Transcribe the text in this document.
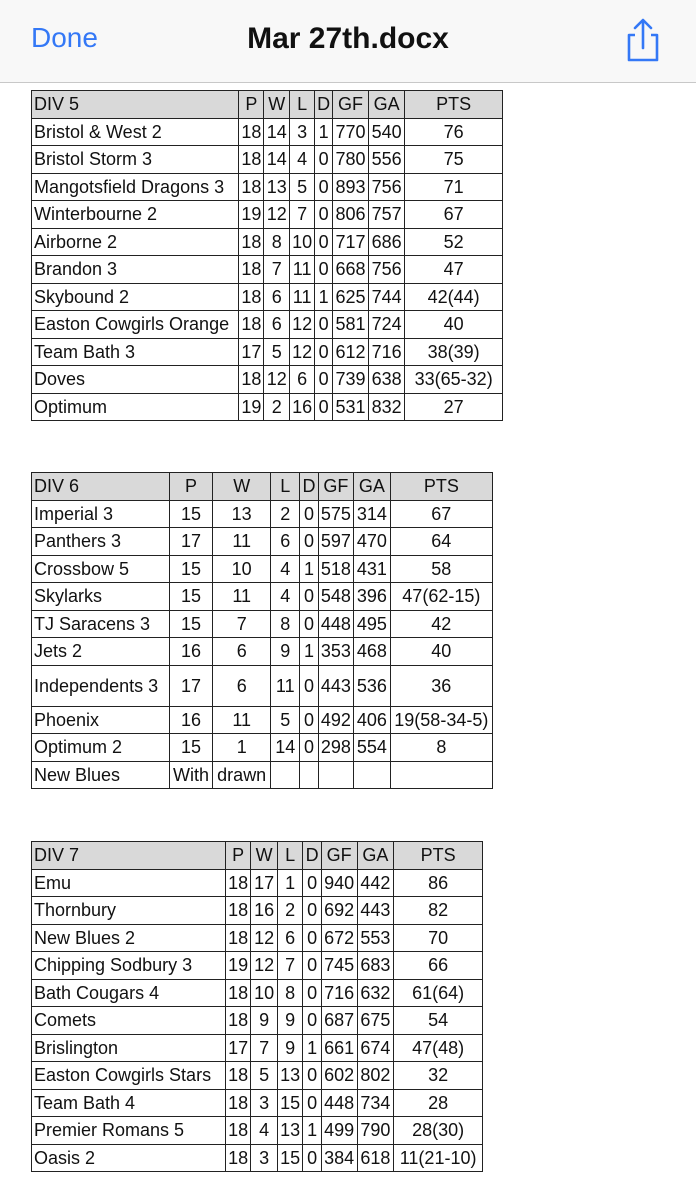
Done	Mar 27th.docx
DIV 5	P	W	L	D	GF	GA	PTS
Bristol & West 2	18	14	3	1	770	540	76
Bristol Storm 3	18	14	4	0	780	556	75
Mangotsfield Dragons 3	18	13	5	0	893	756	71
Winterbourne 2	19	12	7	0	806	757	67
Airborne 2	18	8	10	0	717	686	52
Brandon 3	18	7	11	0	668	756	47
Skybound 2	18	6	11	1	625	744	42(44)
Easton Cowgirls Orange	18	6	12	0	581	724	40
Team Bath 3	17	5	12	0	612	716	38(39)
Doves	18	12	6	0	739	638	33(65-32)
Optimum	19	2	16	0	531	832	27
DIV 6	P	W	L	D	GF	GA	PTS
Imperial 3	15	13	2	0	575	314	67
Panthers 3	17	11	6	0	597	470	64
Crossbow 5	15	10	4	1	518	431	58
Skylarks	15	11	4	0	548	396	47(62-15)
TJ Saracens 3	15	7	8	0	448	495	42
Jets 2	16	6	9	1	353	468	40
Independents 3	17	6	11	0	443	536	36
Phoenix	16	11	5	0	492	406	19(58-34-5)
Optimum 2	15	1	14	0	298	554	8
New Blues	With	drawn					
DIV 7	P	W	L	D	GF	GA	PTS
Emu	18	17	1	0	940	442	86
Thornbury	18	16	2	0	692	443	82
New Blues 2	18	12	6	0	672	553	70
Chipping Sodbury 3	19	12	7	0	745	683	66
Bath Cougars 4	18	10	8	0	716	632	61(64)
Comets	18	9	9	0	687	675	54
Brislington	17	7	9	1	661	674	47(48)
Easton Cowgirls Stars	18	5	13	0	602	802	32
Team Bath 4	18	3	15	0	448	734	28
Premier Romans 5	18	4	13	1	499	790	28(30)
Oasis 2	18	3	15	0	384	618	11(21-10)
